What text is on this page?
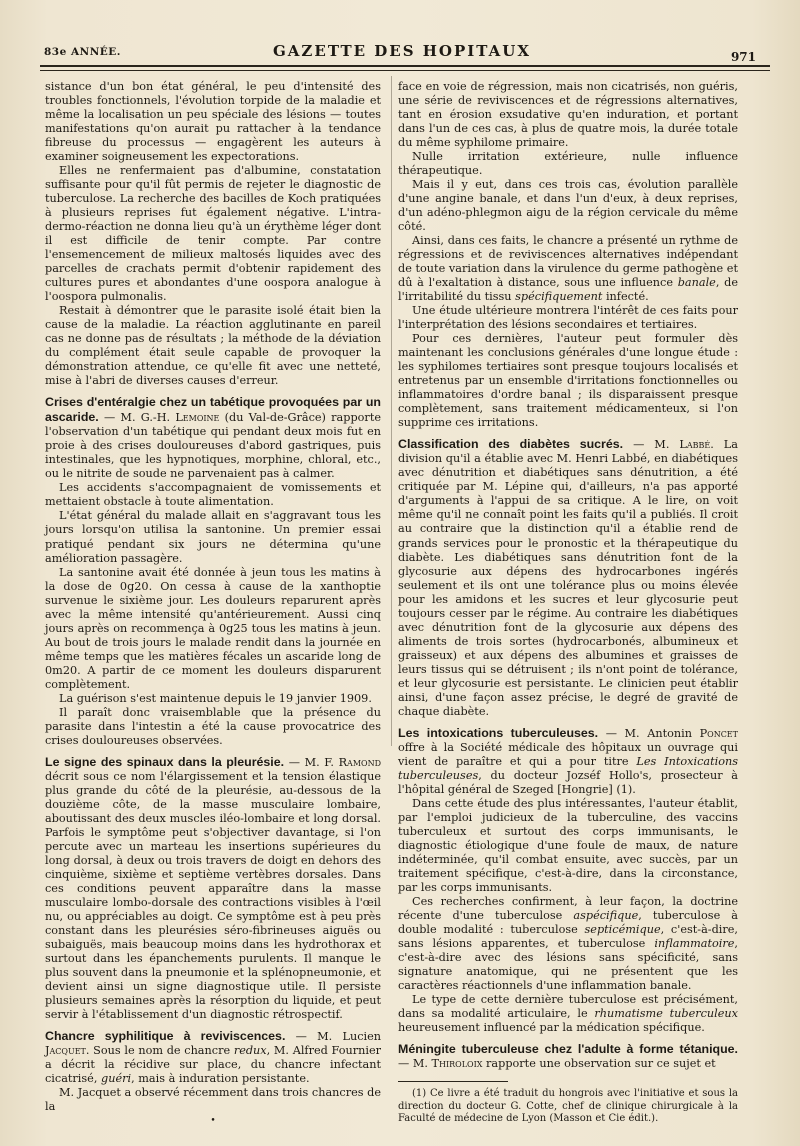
83e ANNÉE.	GAZETTE DES HOPITAUX	971

sistance d'un bon état général, le peu d'intensité des troubles fonctionnels, l'évolution torpide de la maladie et même la localisation un peu spéciale des lésions — toutes manifestations qu'on aurait pu rattacher à la tendance fibreuse du processus — engagèrent les auteurs à examiner soigneusement les expectorations.

Elles ne renfermaient pas d'albumine, constatation suffisante pour qu'il fût permis de rejeter le diagnostic de tuberculose. La recherche des bacilles de Koch pratiquées à plusieurs reprises fut également négative. L'intra-dermo-réaction ne donna lieu qu'à un érythème léger dont il est difficile de tenir compte. Par contre l'ensemencement de milieux maltosés liquides avec des parcelles de crachats permit d'obtenir rapidement des cultures pures et abondantes d'une oospora analogue à l'oospora pulmonalis.

Restait à démontrer que le parasite isolé était bien la cause de la maladie. La réaction agglutinante en pareil cas ne donne pas de résultats ; la méthode de la déviation du complément était seule capable de provoquer la démonstration attendue, ce qu'elle fit avec une netteté, mise à l'abri de diverses causes d'erreur.

Crises d'entéralgie chez un tabétique provoquées par un ascaride. — M. G.-H. Lemoine (du Val-de-Grâce) rapporte l'observation d'un tabétique qui pendant deux mois fut en proie à des crises douloureuses d'abord gastriques, puis intestinales, que les hypnotiques, morphine, chloral, etc., ou le nitrite de soude ne parvenaient pas à calmer.

Les accidents s'accompagnaient de vomissements et mettaient obstacle à toute alimentation.

L'état général du malade allait en s'aggravant tous les jours lorsqu'on utilisa la santonine. Un premier essai pratiqué pendant six jours ne détermina qu'une amélioration passagère.

La santonine avait été donnée à jeun tous les matins à la dose de 0g20. On cessa à cause de la xanthoptie survenue le sixième jour. Les douleurs reparurent après avec la même intensité qu'antérieurement. Aussi cinq jours après on recommença à 0g25 tous les matins à jeun. Au bout de trois jours le malade rendit dans la journée en même temps que les matières fécales un ascaride long de 0m20. A partir de ce moment les douleurs disparurent complètement.

La guérison s'est maintenue depuis le 19 janvier 1909.

Il paraît donc vraisemblable que la présence du parasite dans l'intestin a été la cause provocatrice des crises douloureuses observées.

Le signe des spinaux dans la pleurésie. — M. F. Ramond décrit sous ce nom l'élargissement et la tension élastique plus grande du côté de la pleurésie, au-dessous de la douzième côte, de la masse musculaire lombaire, aboutissant des deux muscles iléo-lombaire et long dorsal. Parfois le symptôme peut s'objectiver davantage, si l'on percute avec un marteau les insertions supérieures du long dorsal, à deux ou trois travers de doigt en dehors des cinquième, sixième et septième vertèbres dorsales. Dans ces conditions peuvent apparaître dans la masse musculaire lombo-dorsale des contractions visibles à l'œil nu, ou appréciables au doigt. Ce symptôme est à peu près constant dans les pleurésies séro-fibrineuses aiguës ou subaiguës, mais beaucoup moins dans les hydrothorax et surtout dans les épanchements purulents. Il manque le plus souvent dans la pneumonie et la splénopneumonie, et devient ainsi un signe diagnostique utile. Il persiste plusieurs semaines après la résorption du liquide, et peut servir à l'établissement d'un diagnostic rétrospectif.

Chancre syphilitique à reviviscences. — M. Lucien Jacquet. Sous le nom de chancre redux, M. Alfred Fournier a décrit la récidive sur place, du chancre infectant cicatrisé, guéri, mais à induration persistante.

M. Jacquet a observé récemment dans trois chancres de la

•

face en voie de régression, mais non cicatrisés, non guéris, une série de reviviscences et de régressions alternatives, tant en érosion exsudative qu'en induration, et portant dans l'un de ces cas, à plus de quatre mois, la durée totale du même syphilome primaire.

Nulle irritation extérieure, nulle influence thérapeutique.

Mais il y eut, dans ces trois cas, évolution parallèle d'une angine banale, et dans l'un d'eux, à deux reprises, d'un adéno-phlegmon aigu de la région cervicale du même côté.

Ainsi, dans ces faits, le chancre a présenté un rythme de régressions et de reviviscences alternatives indépendant de toute variation dans la virulence du germe pathogène et dû à l'exaltation à distance, sous une influence banale, de l'irritabilité du tissu spécifiquement infecté.

Une étude ultérieure montrera l'intérêt de ces faits pour l'interprétation des lésions secondaires et tertiaires.

Pour ces dernières, l'auteur peut formuler dès maintenant les conclusions générales d'une longue étude : les syphilomes tertiaires sont presque toujours localisés et entretenus par un ensemble d'irritations fonctionnelles ou inflammatoires d'ordre banal ; ils disparaissent presque complètement, sans traitement médicamenteux, si l'on supprime ces irritations.

Classification des diabètes sucrés. — M. Labbé. La division qu'il a établie avec M. Henri Labbé, en diabétiques avec dénutrition et diabétiques sans dénutrition, a été critiquée par M. Lépine qui, d'ailleurs, n'a pas apporté d'arguments à l'appui de sa critique. A le lire, on voit même qu'il ne connaît point les faits qu'il a publiés. Il croit au contraire que la distinction qu'il a établie rend de grands services pour le pronostic et la thérapeutique du diabète. Les diabétiques sans dénutrition font de la glycosurie aux dépens des hydrocarbones ingérés seulement et ils ont une tolérance plus ou moins élevée pour les amidons et les sucres et leur glycosurie peut toujours cesser par le régime. Au contraire les diabétiques avec dénutrition font de la glycosurie aux dépens des aliments de trois sortes (hydrocarbonés, albumineux et graisseux) et aux dépens des albumines et graisses de leurs tissus qui se détruisent ; ils n'ont point de tolérance, et leur glycosurie est persistante. Le clinicien peut établir ainsi, d'une façon assez précise, le degré de gravité de chaque diabète.

Les intoxications tuberculeuses. — M. Antonin Poncet offre à la Société médicale des hôpitaux un ouvrage qui vient de paraître et qui a pour titre Les Intoxications tuberculeuses, du docteur Jozséf Hollo's, prosecteur à l'hôpital général de Szeged [Hongrie] (1).

Dans cette étude des plus intéressantes, l'auteur établit, par l'emploi judicieux de la tuberculine, des vaccins tuberculeux et surtout des corps immunisants, le diagnostic étiologique d'une foule de maux, de nature indéterminée, qu'il combat ensuite, avec succès, par un traitement spécifique, c'est-à-dire, dans la circonstance, par les corps immunisants.

Ces recherches confirment, à leur façon, la doctrine récente d'une tuberculose aspécifique, tuberculose à double modalité : tuberculose septicémique, c'est-à-dire, sans lésions apparentes, et tuberculose inflammatoire, c'est-à-dire avec des lésions sans spécificité, sans signature anatomique, qui ne présentent que les caractères réactionnels d'une inflammation banale.

Le type de cette dernière tuberculose est précisément, dans sa modalité articulaire, le rhumatisme tuberculeux heureusement influencé par la médication spécifique.

Méningite tuberculeuse chez l'adulte à forme tétanique. — M. Thiroloix rapporte une observation sur ce sujet et

(1) Ce livre a été traduit du hongrois avec l'initiative et sous la direction du docteur G. Cotte, chef de clinique chirurgicale à la Faculté de médecine de Lyon (Masson et Cie édit.).
